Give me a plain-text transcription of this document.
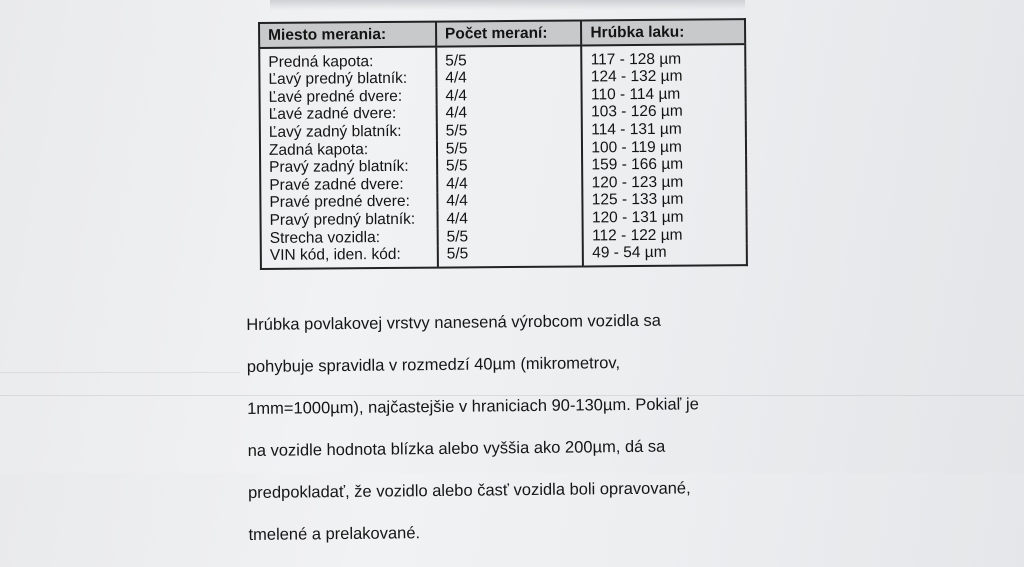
Miesto merania:	Počet meraní:	Hrúbka laku:
Predná kapota:	5/5	117 - 128 µm
Ľavý predný blatník:	4/4	124 - 132 µm
Ľavé predné dvere:	4/4	110 - 114 µm
Ľavé zadné dvere:	4/4	103 - 126 µm
Ľavý zadný blatník:	5/5	114 - 131 µm
Zadná kapota:	5/5	100 - 119 µm
Pravý zadný blatník:	5/5	159 - 166 µm
Pravé zadné dvere:	4/4	120 - 123 µm
Pravé predné dvere:	4/4	125 - 133 µm
Pravý predný blatník:	4/4	120 - 131 µm
Strecha vozidla:	5/5	112 - 122 µm
VIN kód, iden. kód:	5/5	49 - 54 µm

Hrúbka povlakovej vrstvy nanesená výrobcom vozidla sa

pohybuje spravidla v rozmedzí 40µm (mikrometrov,

1mm=1000µm), najčastejšie v hraniciach 90-130µm. Pokiaľ je

na vozidle hodnota blízka alebo vyššia ako 200µm, dá sa

predpokladať, že vozidlo alebo časť vozidla boli opravované,

tmelené a prelakované.
